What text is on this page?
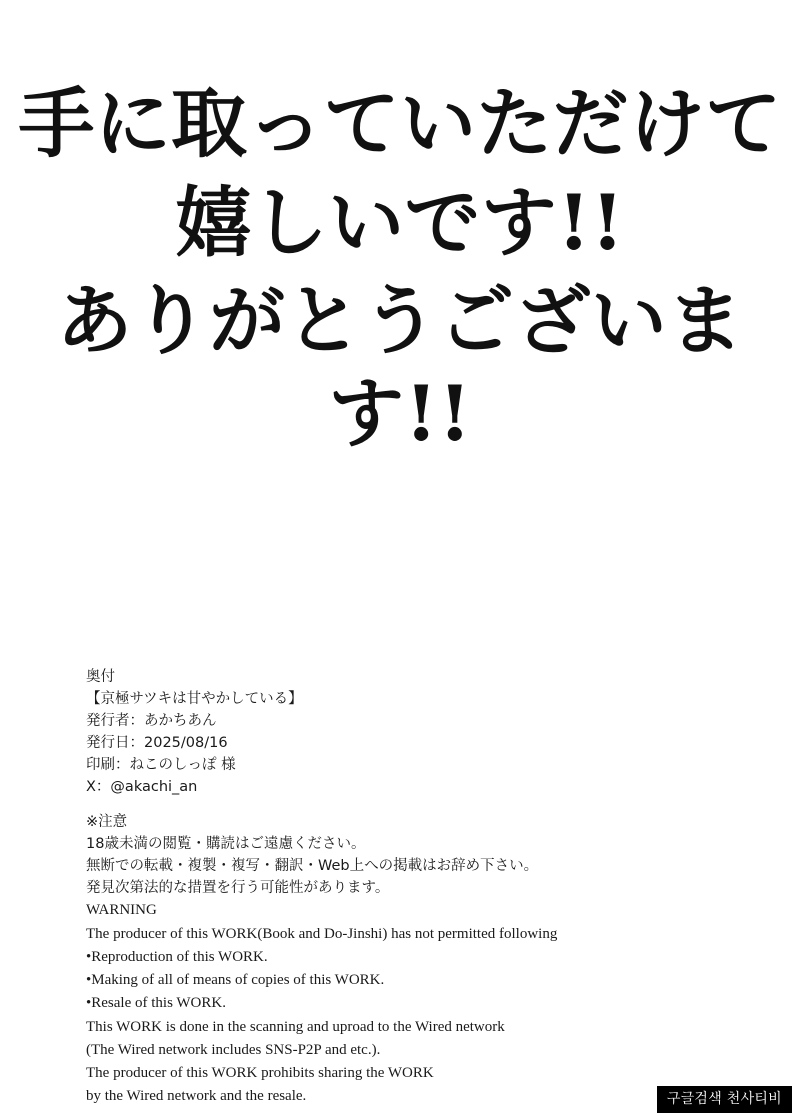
手に取っていただけて
嬉しいです!!
ありがとうございます!!
奥付
【京極サツキは甘やかしている】
発行者：あかちあん
発行日：2025/08/16
印刷：ねこのしっぽ 様
X：@akachi_an
※注意
18歳未満の閲覧・購読はご遠慮ください。
無断での転載・複製・複写・翻訳・Web上への掲載はお辞め下さい。
発見次第法的な措置を行う可能性があります。
WARNING
The producer of this WORK(Book and Do-Jinshi) has not permitted following
•Reproduction of this WORK.
•Making of all of means of copies of this WORK.
•Resale of this WORK.
This WORK is done in the scanning and uproad to the Wired network
(The Wired network includes SNS-P2P and etc.).
The producer of this WORK prohibits sharing the WORK
by the Wired network and the resale.	구글검색 천사티비
